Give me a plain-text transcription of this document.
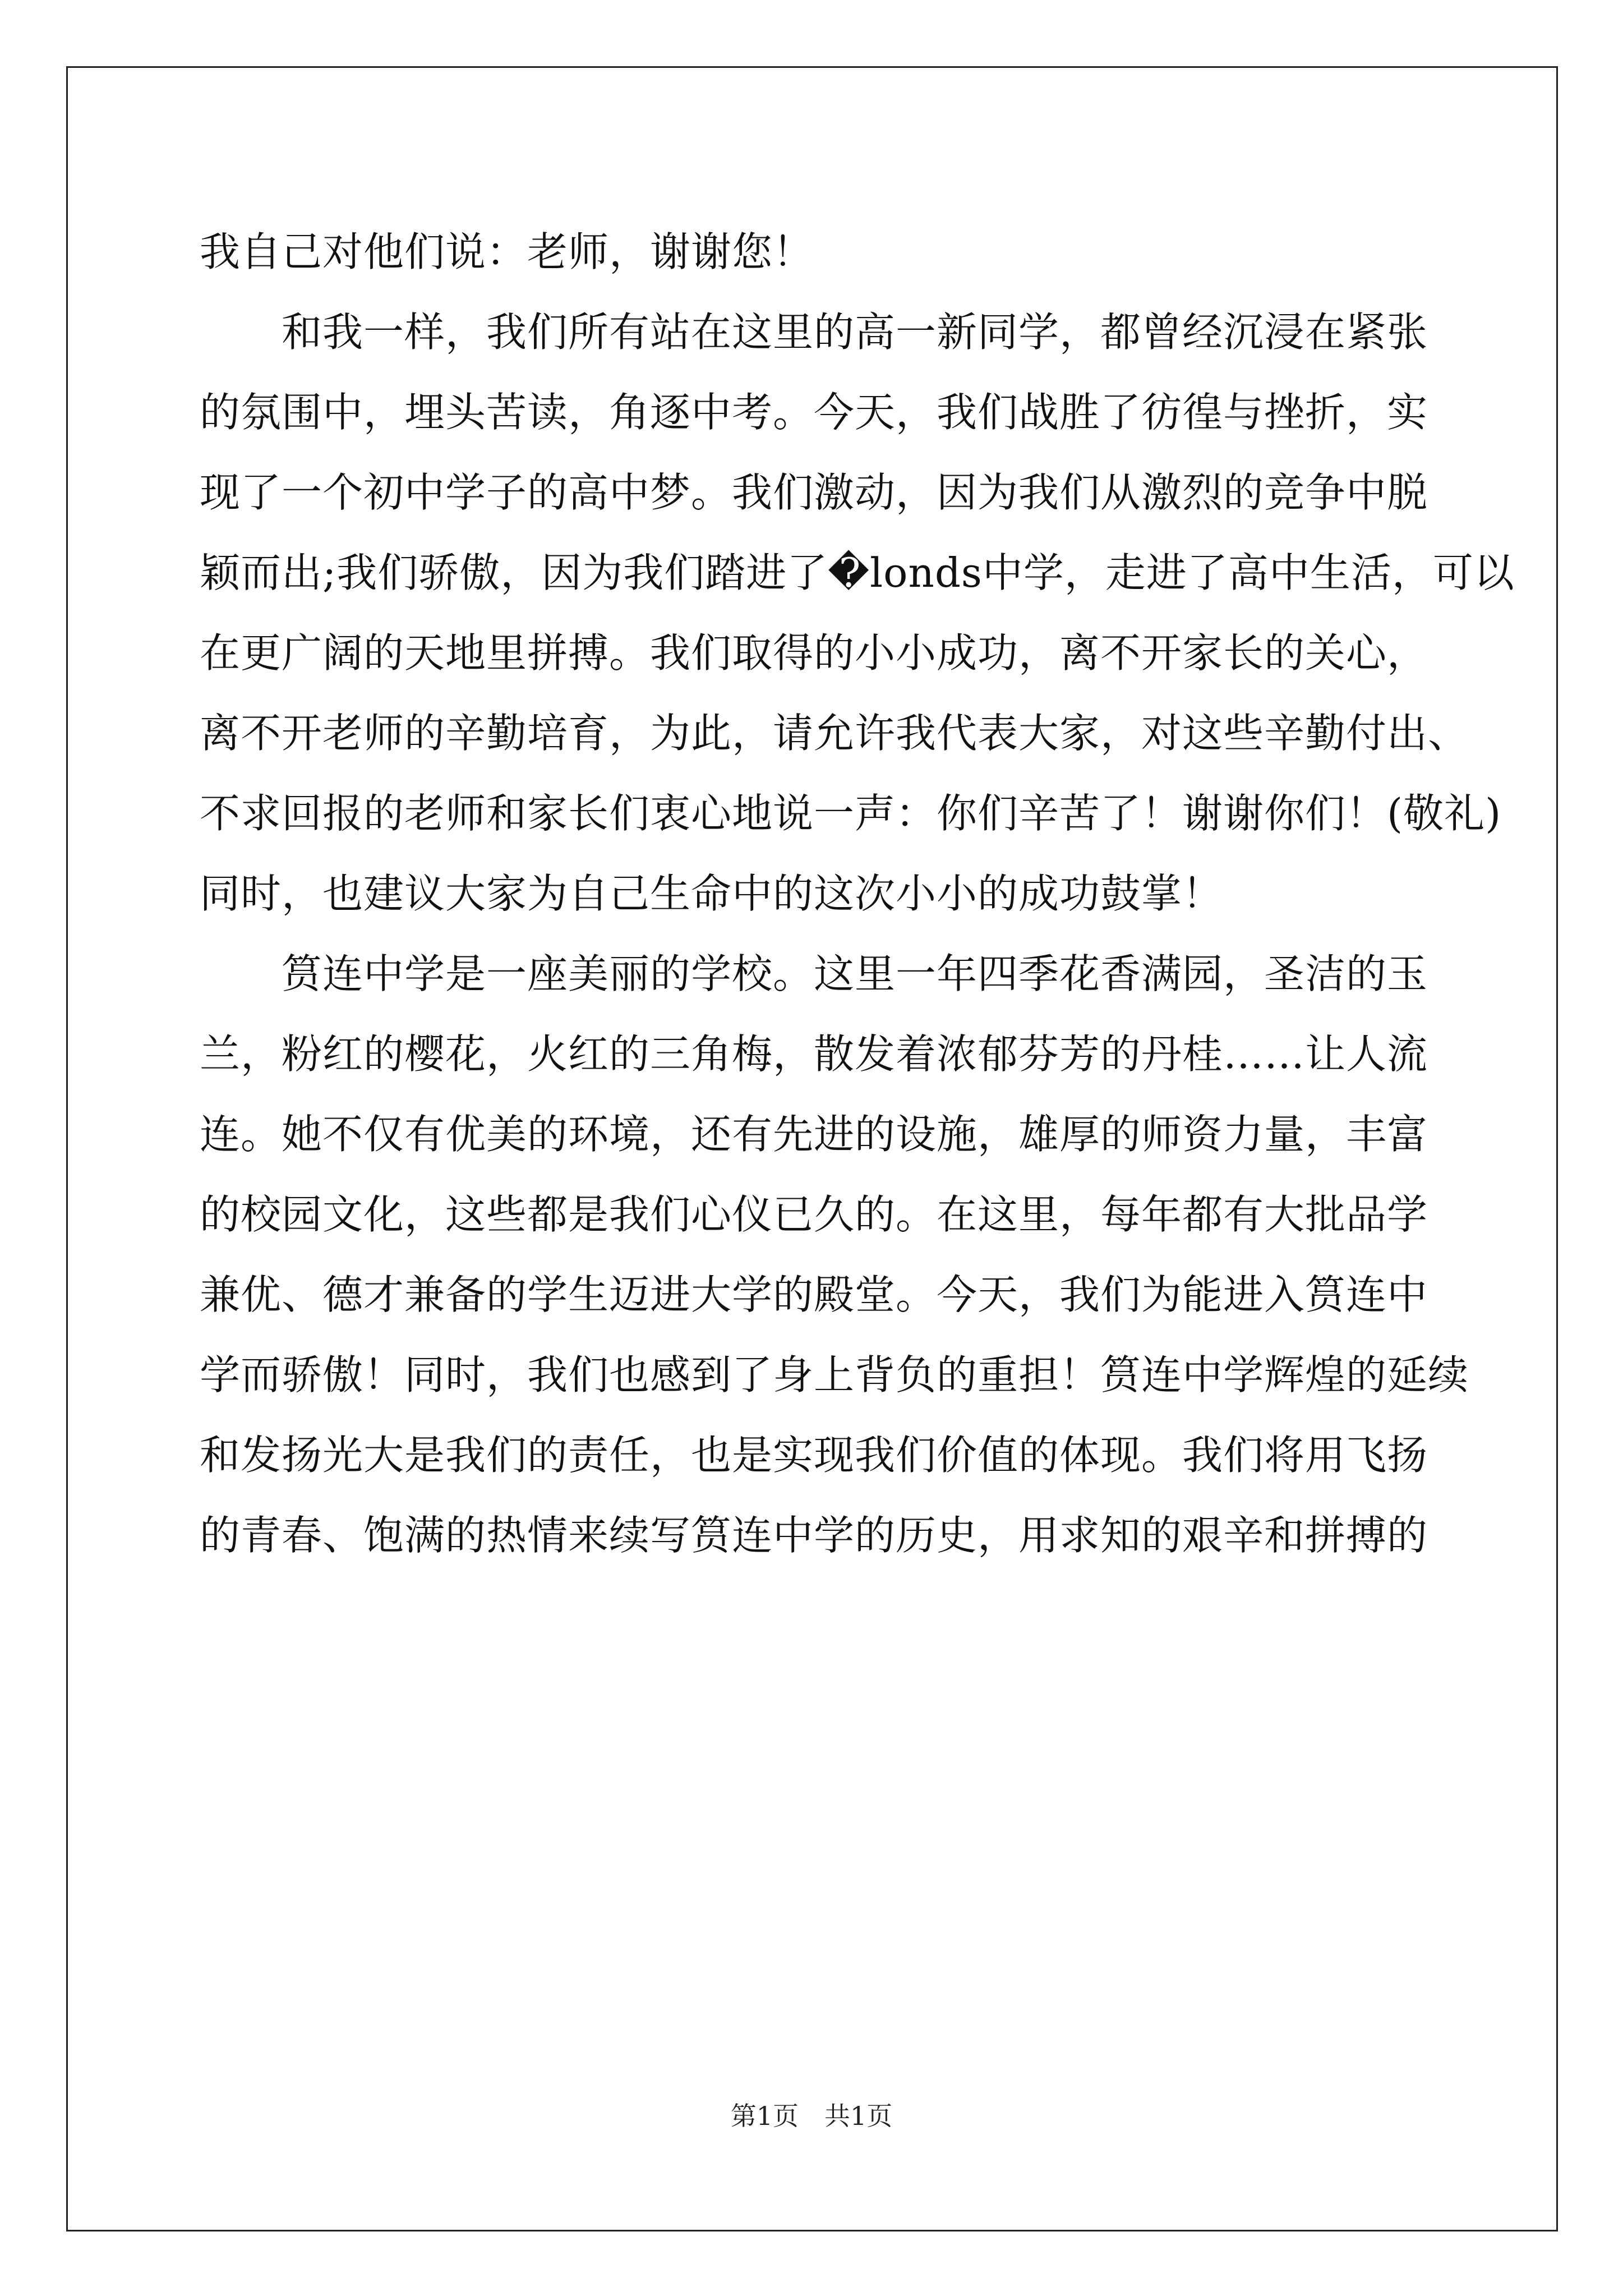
我自己对他们说：老师，谢谢您！
　　和我一样，我们所有站在这里的高一新同学，都曾经沉浸在紧张
的氛围中，埋头苦读，角逐中考。今天，我们战胜了彷徨与挫折，实
现了一个初中学子的高中梦。我们激动，因为我们从激烈的竞争中脱
颖而出;我们骄傲，因为我们踏进了�londs中学，走进了高中生活，可以
在更广阔的天地里拼搏。我们取得的小小成功，离不开家长的关心，
离不开老师的辛勤培育，为此，请允许我代表大家，对这些辛勤付出、
不求回报的老师和家长们衷心地说一声：你们辛苦了！谢谢你们！(敬礼)
同时，也建议大家为自己生命中的这次小小的成功鼓掌！
　　筼连中学是一座美丽的学校。这里一年四季花香满园，圣洁的玉
兰，粉红的樱花，火红的三角梅，散发着浓郁芬芳的丹桂……让人流
连。她不仅有优美的环境，还有先进的设施，雄厚的师资力量，丰富
的校园文化，这些都是我们心仪已久的。在这里，每年都有大批品学
兼优、德才兼备的学生迈进大学的殿堂。今天，我们为能进入筼连中
学而骄傲！同时，我们也感到了身上背负的重担！筼连中学辉煌的延续
和发扬光大是我们的责任，也是实现我们价值的体现。我们将用飞扬
的青春、饱满的热情来续写筼连中学的历史，用求知的艰辛和拼搏的
第1页　共1页
